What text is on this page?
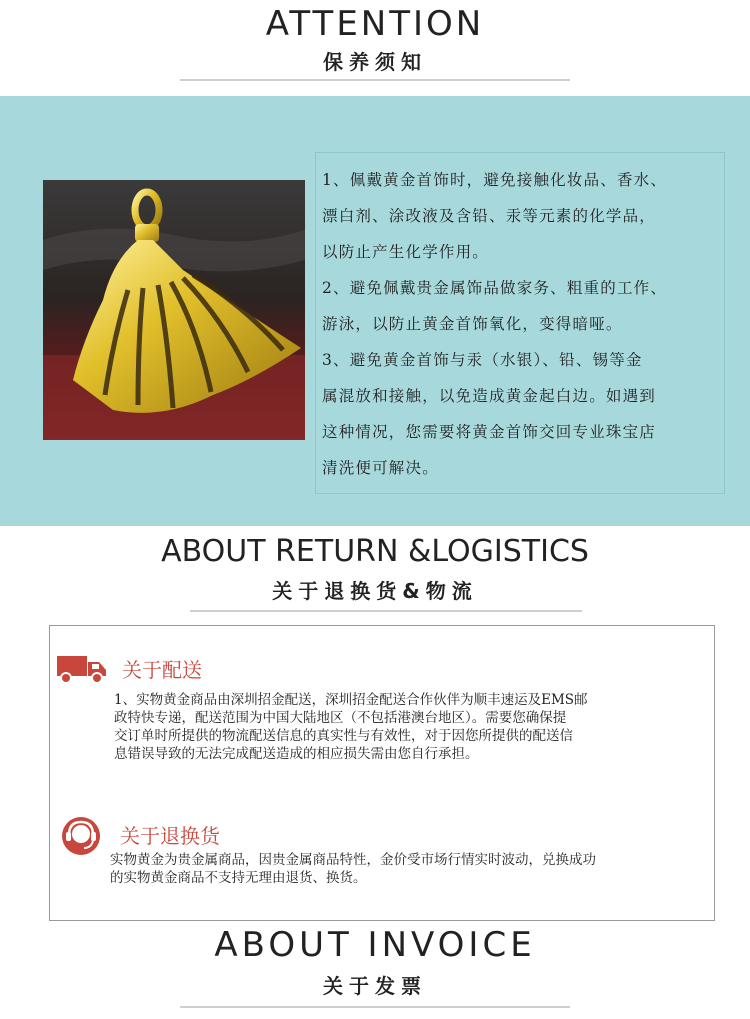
ATTENTION
保养须知

1、佩戴黄金首饰时，避免接触化妆品、香水、

漂白剂、涂改液及含铅、汞等元素的化学品，

以防止产生化学作用。

2、避免佩戴贵金属饰品做家务、粗重的工作、

游泳，以防止黄金首饰氧化，变得暗哑。

3、避免黄金首饰与汞（水银）、铅、锡等金

属混放和接触，以免造成黄金起白边。如遇到

这种情况，您需要将黄金首饰交回专业珠宝店

清洗便可解决。

ABOUT RETURN &LOGISTICS
关于退换货&物流
关于配送

1、实物黄金商品由深圳招金配送，深圳招金配送合作伙伴为顺丰速运及EMS邮

政特快专递，配送范围为中国大陆地区（不包括港澳台地区）。需要您确保提

交订单时所提供的物流配送信息的真实性与有效性，对于因您所提供的配送信

息错误导致的无法完成配送造成的相应损失需由您自行承担。

关于退换货

实物黄金为贵金属商品，因贵金属商品特性，金价受市场行情实时波动，兑换成功

的实物黄金商品不支持无理由退货、换货。

ABOUT INVOICE
关于发票
